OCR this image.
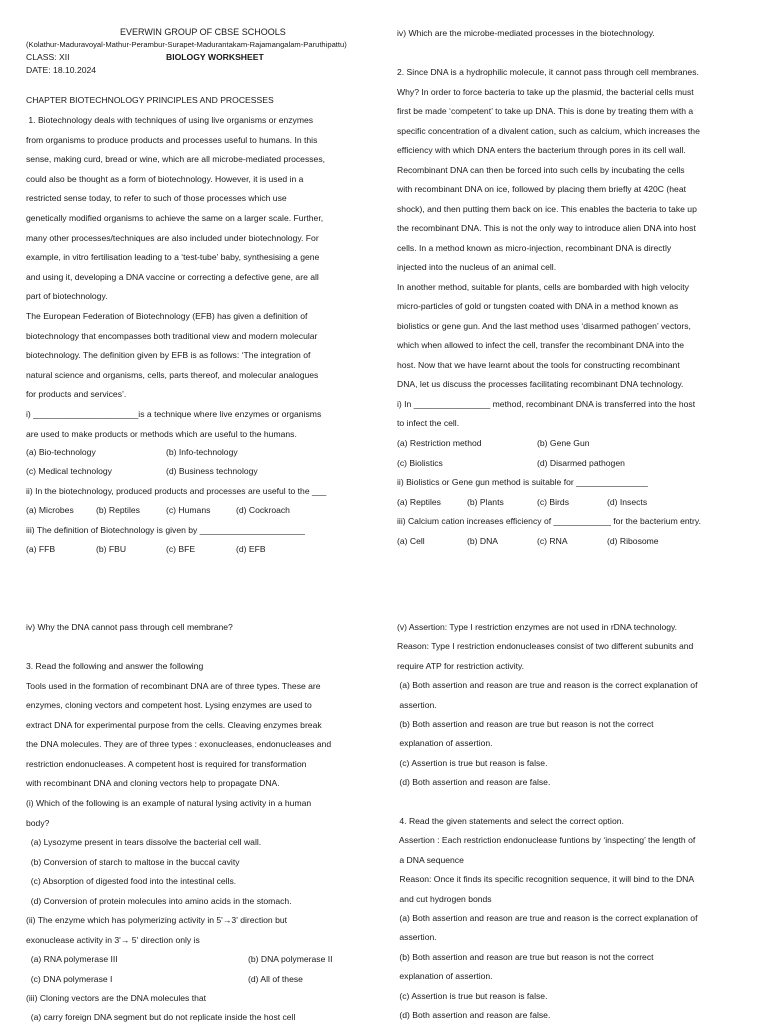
EVERWIN GROUP OF CBSE SCHOOLS
(Kolathur-Maduravoyal-Mathur-Perambur-Surapet-Madurantakam-Rajamangalam-Paruthipattu)
CLASS: XII	BIOLOGY WORKSHEET
DATE: 18.10.2024
CHAPTER BIOTECHNOLOGY PRINCIPLES AND PROCESSES
1. Biotechnology deals with techniques of using live organisms or enzymes
from organisms to produce products and processes useful to humans. In this
sense, making curd, bread or wine, which are all microbe-mediated processes,
could also be thought as a form of biotechnology. However, it is used in a
restricted sense today, to refer to such of those processes which use
genetically modified organisms to achieve the same on a larger scale. Further,
many other processes/techniques are also included under biotechnology. For
example, in vitro fertilisation leading to a ‘test-tube’ baby, synthesising a gene
and using it, developing a DNA vaccine or correcting a defective gene, are all
part of biotechnology.
The European Federation of Biotechnology (EFB) has given a definition of
biotechnology that encompasses both traditional view and modern molecular
biotechnology. The definition given by EFB is as follows: ‘The integration of
natural science and organisms, cells, parts thereof, and molecular analogues
for products and services’.
i) ______________________is a technique where live enzymes or organisms
are used to make products or methods which are useful to the humans.
(a) Bio-technology	(b) Info-technology
(c) Medical technology	(d) Business technology
ii) In the biotechnology, produced products and processes are useful to the ___
(a) Microbes	(b) Reptiles	(c) Humans	(d) Cockroach
iii) The definition of Biotechnology is given by ______________________
(a) FFB	(b) FBU	(c) BFE	(d) EFB
iv) Which are the microbe-mediated processes in the biotechnology.
2. Since DNA is a hydrophilic molecule, it cannot pass through cell membranes.
Why? In order to force bacteria to take up the plasmid, the bacterial cells must
first be made ‘competent’ to take up DNA. This is done by treating them with a
specific concentration of a divalent cation, such as calcium, which increases the
efficiency with which DNA enters the bacterium through pores in its cell wall.
Recombinant DNA can then be forced into such cells by incubating the cells
with recombinant DNA on ice, followed by placing them briefly at 420C (heat
shock), and then putting them back on ice. This enables the bacteria to take up
the recombinant DNA. This is not the only way to introduce alien DNA into host
cells. In a method known as micro-injection, recombinant DNA is directly
injected into the nucleus of an animal cell.
In another method, suitable for plants, cells are bombarded with high velocity
micro-particles of gold or tungsten coated with DNA in a method known as
biolistics or gene gun. And the last method uses ‘disarmed pathogen’ vectors,
which when allowed to infect the cell, transfer the recombinant DNA into the
host. Now that we have learnt about the tools for constructing recombinant
DNA, let us discuss the processes facilitating recombinant DNA technology.
i) In ________________ method, recombinant DNA is transferred into the host
to infect the cell.
(a) Restriction method	(b) Gene Gun
(c) Biolistics	(d) Disarmed pathogen
ii) Biolistics or Gene gun method is suitable for _______________
(a) Reptiles	(b) Plants	(c) Birds	(d) Insects
iii) Calcium cation increases efficiency of ____________ for the bacterium entry.
(a) Cell	(b) DNA	(c) RNA	(d) Ribosome
iv) Why the DNA cannot pass through cell membrane?
3. Read the following and answer the following
Tools used in the formation of recombinant DNA are of three types. These are
enzymes, cloning vectors and competent host. Lysing enzymes are used to
extract DNA for experimental purpose from the cells. Cleaving enzymes break
the DNA molecules. They are of three types : exonucleases, endonucleases and
restriction endonucleases. A competent host is required for transformation
with recombinant DNA and cloning vectors help to propagate DNA.
(i) Which of the following is an example of natural lysing activity in a human
body?
(a) Lysozyme present in tears dissolve the bacterial cell wall.
(b) Conversion of starch to maltose in the buccal cavity
(c) Absorption of digested food into the intestinal cells.
(d) Conversion of protein molecules into amino acids in the stomach.
(ii) The enzyme which has polymerizing activity in 5'→3' direction but
exonuclease activity in 3'→ 5' direction only is
(a) RNA polymerase III	(b) DNA polymerase II
(c) DNA polymerase I	(d) All of these
(iii) Cloning vectors are the DNA molecules that
(a) carry foreign DNA segment but do not replicate inside the host cell
(v) Assertion: Type I restriction enzymes are not used in rDNA technology.
Reason: Type I restriction endonucleases consist of two different subunits and
require ATP for restriction activity.
(a) Both assertion and reason are true and reason is the correct explanation of
assertion.
(b) Both assertion and reason are true but reason is not the correct
explanation of assertion.
(c) Assertion is true but reason is false.
(d) Both assertion and reason are false.
4. Read the given statements and select the correct option.
Assertion : Each restriction endonuclease funtions by ‘inspecting’ the length of
a DNA sequence
Reason: Once it finds its specific recognition sequence, it will bind to the DNA
and cut hydrogen bonds
(a) Both assertion and reason are true and reason is the correct explanation of
assertion.
(b) Both assertion and reason are true but reason is not the correct
explanation of assertion.
(c) Assertion is true but reason is false.
(d) Both assertion and reason are false.
